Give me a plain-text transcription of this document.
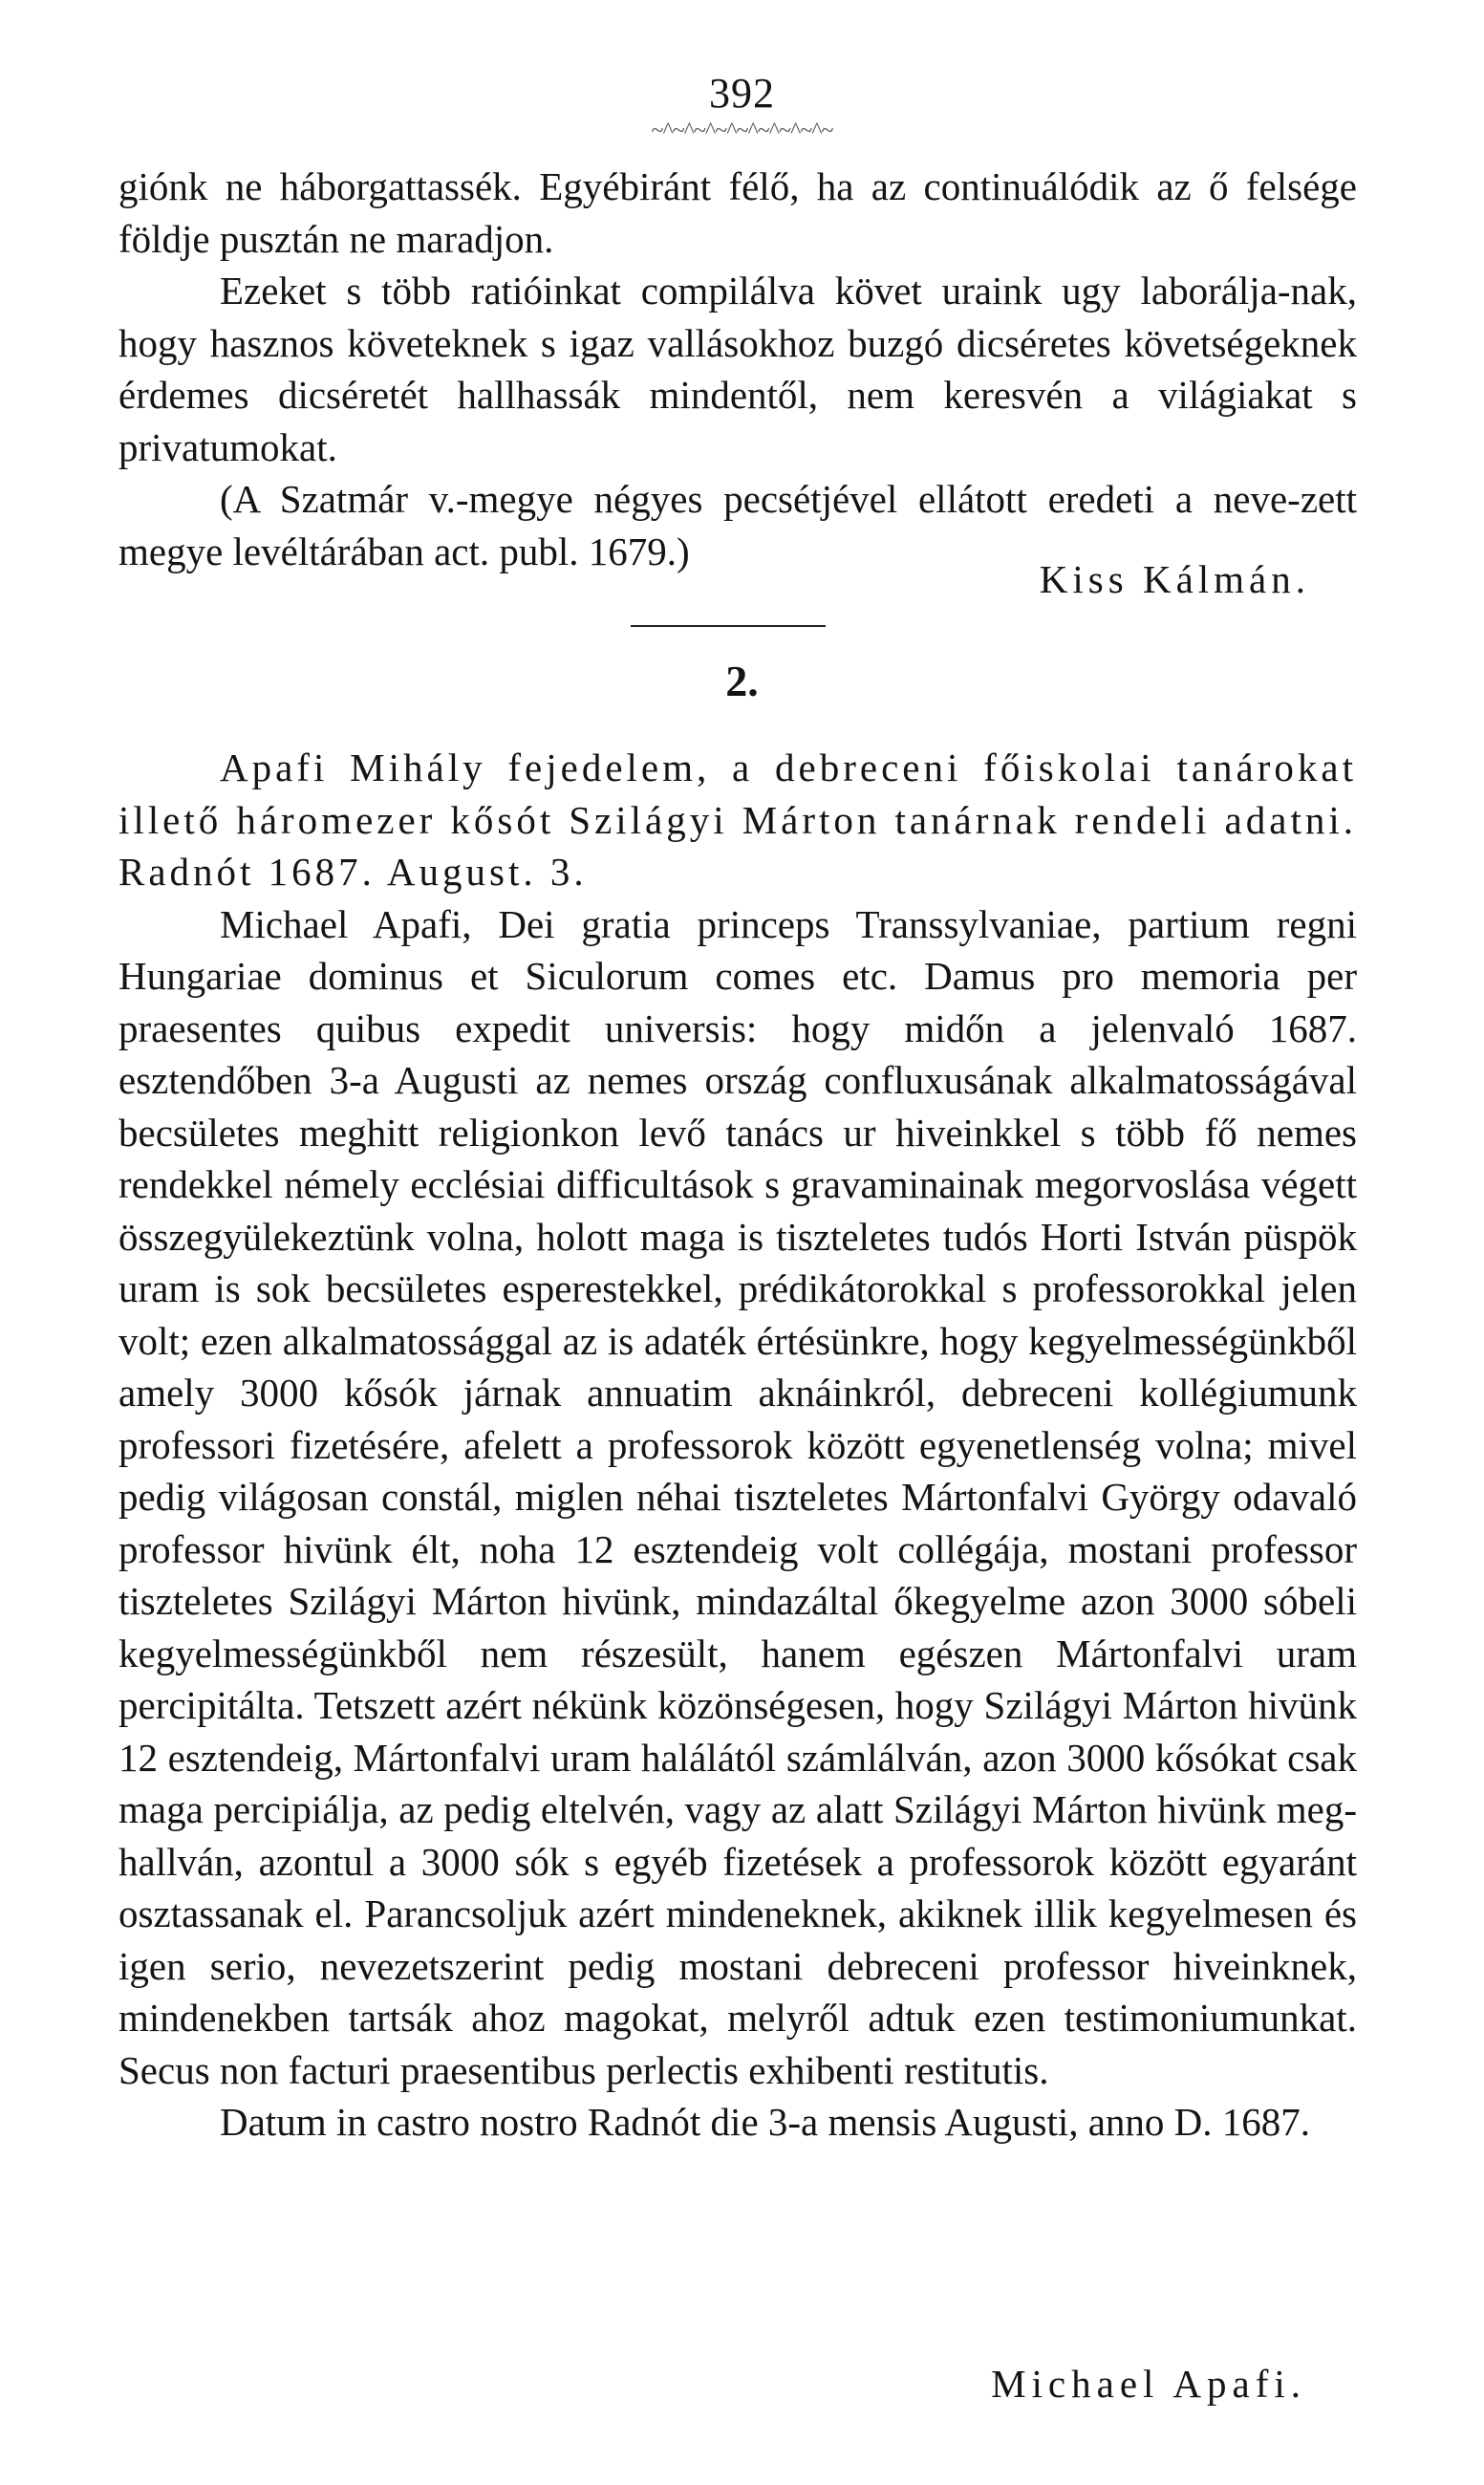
392
~^~^~^~^~^~^~^~^~

giónk ne háborgattassék. Egyébiránt félő, ha az continuálódik az ő felsége földje pusztán ne maradjon.

Ezeket s több ratióinkat compilálva követ uraink ugy laborálja-nak, hogy hasznos követeknek s igaz vallásokhoz buzgó dicséretes követségeknek érdemes dicséretét hallhassák mindentől, nem keresvén a világiakat s privatumokat.

(A Szatmár v.-megye négyes pecsétjével ellátott eredeti a neve-zett megye levéltárában act. publ. 1679.)

Kiss Kálmán.
2.

Apafi Mihály fejedelem, a debreceni főiskolai tanárokat illető háromezer kősót Szilágyi Márton tanárnak rendeli adatni. Radnót 1687. August. 3.

Michael Apafi, Dei gratia princeps Transsylvaniae, partium regni Hungariae dominus et Siculorum comes etc. Damus pro memoria per praesentes quibus expedit universis: hogy midőn a jelenvaló 1687. esztendőben 3-a Augusti az nemes ország confluxusának alkalmatosságával becsületes meghitt religionkon levő tanács ur hiveinkkel s több fő nemes rendekkel némely ecclésiai difficultások s gravaminainak megorvoslása végett összegyülekeztünk volna, holott maga is tiszteletes tudós Horti István püspök uram is sok becsületes esperestekkel, prédikátorokkal s professorokkal jelen volt; ezen alkalmatossággal az is adaték értésünkre, hogy kegyelmességünkből amely 3000 kősók járnak annuatim aknáinkról, debreceni kollégiumunk professori fizetésére, afelett a professorok között egyenetlenség volna; mivel pedig világosan constál, miglen néhai tiszteletes Mártonfalvi György odavaló professor hivünk élt, noha 12 esztendeig volt collégája, mostani professor tiszteletes Szilágyi Márton hivünk, mindazáltal őkegyelme azon 3000 sóbeli kegyelmességünkből nem részesült, hanem egészen Mártonfalvi uram percipitálta. Tetszett azért nékünk közönségesen, hogy Szilágyi Márton hivünk 12 esztendeig, Mártonfalvi uram halálától számlálván, azon 3000 kősókat csak maga percipiálja, az pedig eltelvén, vagy az alatt Szilágyi Márton hivünk meg-hallván, azontul a 3000 sók s egyéb fizetések a professorok között egyaránt osztassanak el. Parancsoljuk azért mindeneknek, akiknek illik kegyelmesen és igen serio, nevezetszerint pedig mostani debreceni professor hiveinknek, mindenekben tartsák ahoz magokat, melyről adtuk ezen testimoniumunkat. Secus non facturi praesentibus perlectis exhibenti restitutis.

Datum in castro nostro Radnót die 3-a mensis Augusti, anno D. 1687.

Michael Apafi.
